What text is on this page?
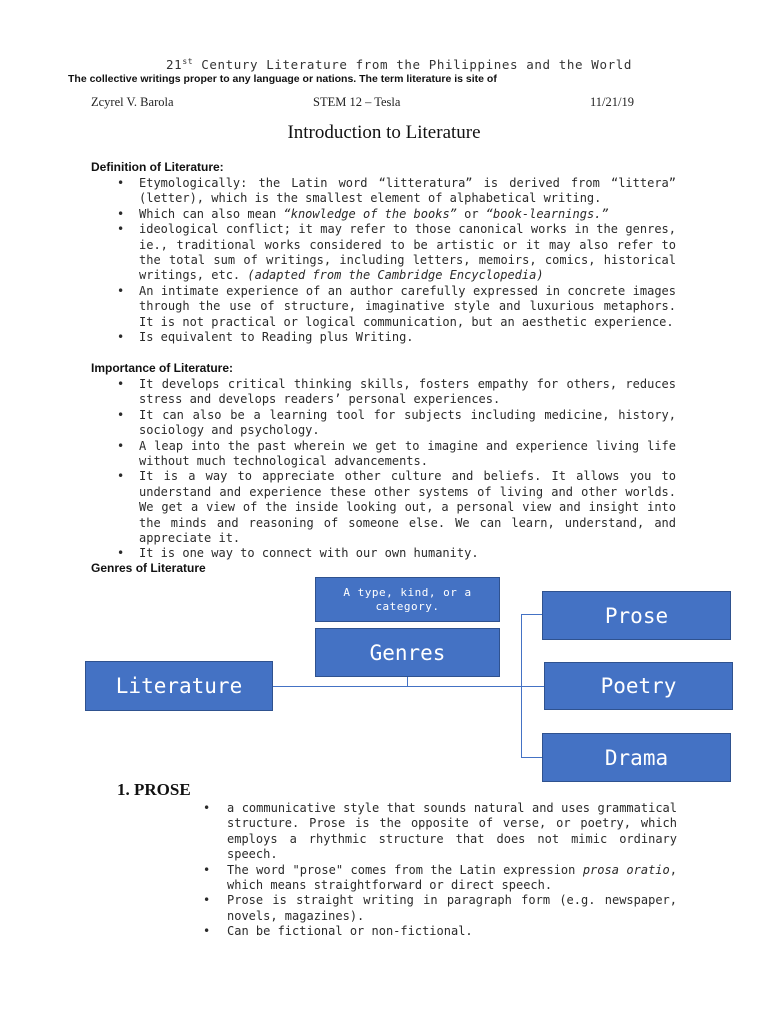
21st Century Literature from the Philippines and the World
The collective writings proper to any language or nations. The term literature is site of
Zcyrel V. Barola	STEM 12 – Tesla	11/21/19
Introduction to Literature
Definition of Literature:
• Etymologically: the Latin word “litteratura” is derived from “littera” (letter), which is the smallest element of alphabetical writing.
• Which can also mean “knowledge of the books” or “book-learnings.”
• ideological conflict; it may refer to those canonical works in the genres, ie., traditional works considered to be artistic or it may also refer to the total sum of writings, including letters, memoirs, comics, historical writings, etc. (adapted from the Cambridge Encyclopedia)
• An intimate experience of an author carefully expressed in concrete images through the use of structure, imaginative style and luxurious metaphors. It is not practical or logical communication, but an aesthetic experience.
• Is equivalent to Reading plus Writing.
Importance of Literature:
• It develops critical thinking skills, fosters empathy for others, reduces stress and develops readers’ personal experiences.
• It can also be a learning tool for subjects including medicine, history, sociology and psychology.
• A leap into the past wherein we get to imagine and experience living life without much technological advancements.
• It is a way to appreciate other culture and beliefs. It allows you to understand and experience these other systems of living and other worlds. We get a view of the inside looking out, a personal view and insight into the minds and reasoning of someone else. We can learn, understand, and appreciate it.
• It is one way to connect with our own humanity.
Genres of Literature
A type, kind, or a category.
Genres
Literature
Prose
Poetry
Drama
1. PROSE
• a communicative style that sounds natural and uses grammatical structure. Prose is the opposite of verse, or poetry, which employs a rhythmic structure that does not mimic ordinary speech.
• The word "prose" comes from the Latin expression prosa oratio, which means straightforward or direct speech.
• Prose is straight writing in paragraph form (e.g. newspaper, novels, magazines).
• Can be fictional or non-fictional.
